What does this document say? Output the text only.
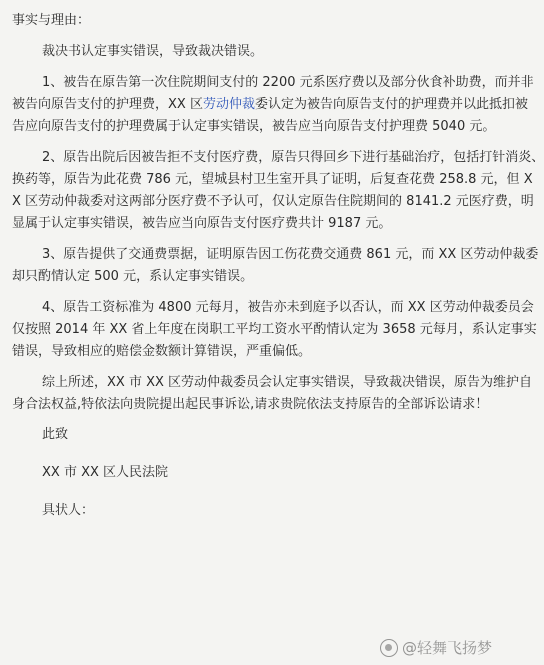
事实与理由：
裁决书认定事实错误，导致裁决错误。
1、被告在原告第一次住院期间支付的 2200 元系医疗费以及部分伙食补助费，而并非
被告向原告支付的护理费，XX 区劳动仲裁委认定为被告向原告支付的护理费并以此抵扣被
告应向原告支付的护理费属于认定事实错误，被告应当向原告支付护理费 5040 元。
2、原告出院后因被告拒不支付医疗费，原告只得回乡下进行基础治疗，包括打针消炎、
换药等，原告为此花费 786 元，望城县村卫生室开具了证明，后复查花费 258.8 元，但 X
X 区劳动仲裁委对这两部分医疗费不予认可，仅认定原告住院期间的 8141.2 元医疗费，明
显属于认定事实错误，被告应当向原告支付医疗费共计 9187 元。
3、原告提供了交通费票据，证明原告因工伤花费交通费 861 元，而 XX 区劳动仲裁委
却只酌情认定 500 元，系认定事实错误。
4、原告工资标准为 4800 元每月，被告亦未到庭予以否认，而 XX 区劳动仲裁委员会
仅按照 2014 年 XX 省上年度在岗职工平均工资水平酌情认定为 3658 元每月，系认定事实
错误，导致相应的赔偿金数额计算错误，严重偏低。
综上所述，XX 市 XX 区劳动仲裁委员会认定事实错误，导致裁决错误，原告为维护自
身合法权益,特依法向贵院提出起民事诉讼,请求贵院依法支持原告的全部诉讼请求！
此致
XX 市 XX 区人民法院
具状人：
@轻舞飞扬梦
